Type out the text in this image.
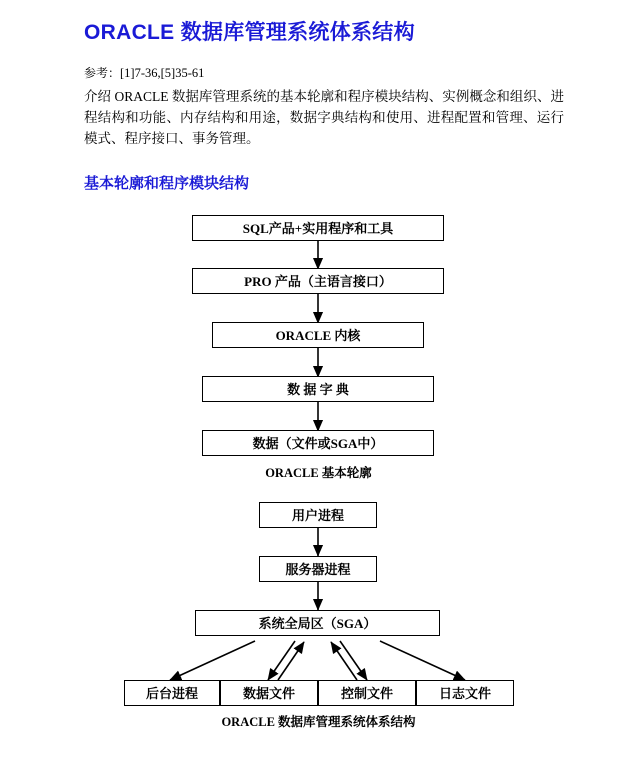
ORACLE 数据库管理系统体系结构
参考：[1]7-36,[5]35-61

介绍 ORACLE 数据库管理系统的基本轮廓和程序模块结构、实例概念和组织、进程结构和功能、内存结构和用途，数据字典结构和使用、进程配置和管理、运行模式、程序接口、事务管理。

基本轮廓和程序模块结构
SQL产品+实用程序和工具
PRO 产品（主语言接口）
ORACLE 内核
数 据 字 典
数据（文件或SGA中）
ORACLE 基本轮廓
用户进程
服务器进程
系统全局区（SGA）
后台进程	数据文件	控制文件	日志文件
ORACLE 数据库管理系统体系结构
